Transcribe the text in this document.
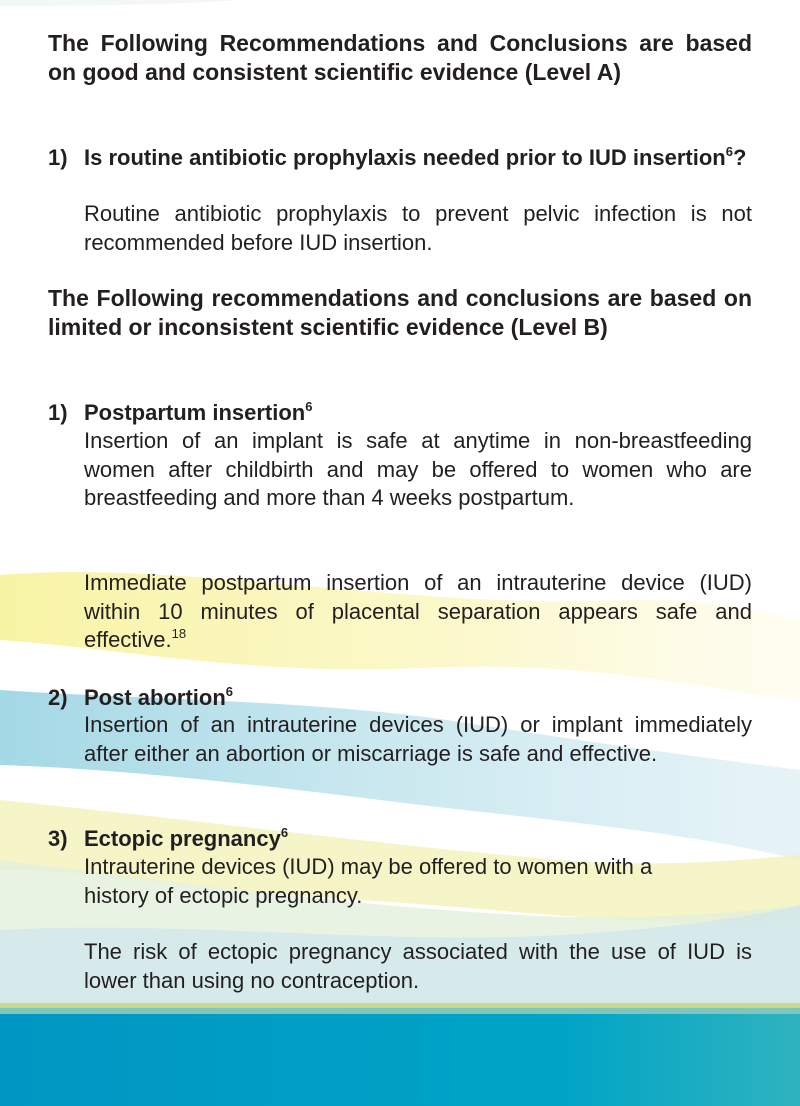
The Following Recommendations and Conclusions are based on good and consistent scientific evidence (Level A)

1) Is routine antibiotic prophylaxis needed prior to IUD insertion$^6$?
Routine antibiotic prophylaxis to prevent pelvic infection is not recommended before IUD insertion.

The Following recommendations and conclusions are based on limited or inconsistent scientific evidence (Level B)

1) Postpartum insertion$^6$
Insertion of an implant is safe at anytime in non-breastfeeding women after childbirth and may be offered to women who are breastfeeding and more than 4 weeks postpartum.
Immediate postpartum insertion of an intrauterine device (IUD) within 10 minutes of placental separation appears safe and effective.$^{18}$
2) Post abortion$^6$
Insertion of an intrauterine devices (IUD) or implant immediately after either an abortion or miscarriage is safe and effective.
3) Ectopic pregnancy$^6$
Intrauterine devices (IUD) may be offered to women with a history of ectopic pregnancy.
The risk of ectopic pregnancy associated with the use of IUD is lower than using no contraception.
